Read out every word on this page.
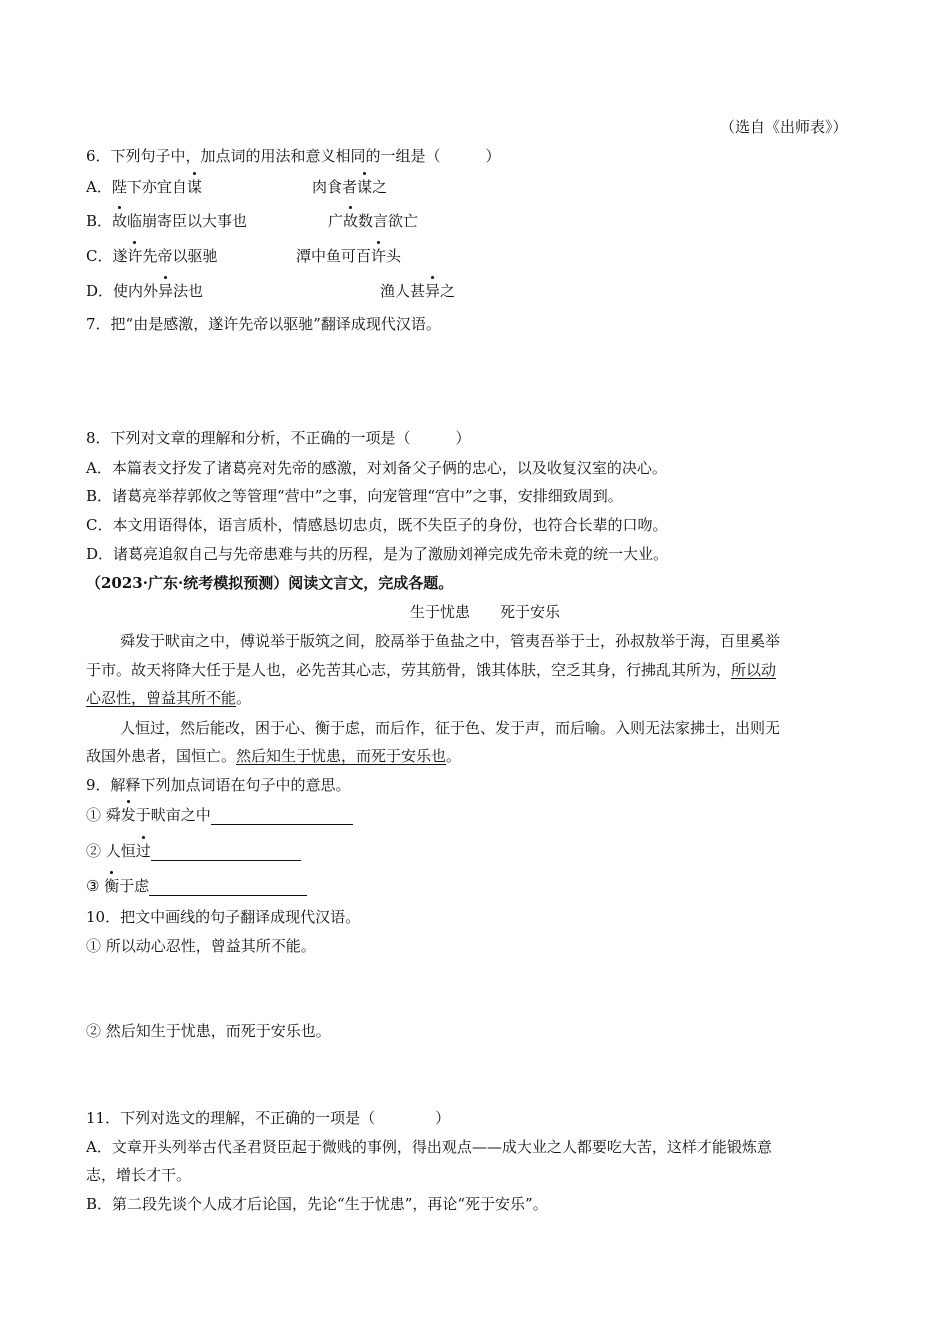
（选自《出师表》）
6．下列句子中，加点词的用法和意义相同的一组是（　　　）
A．陛下亦宜自谋	肉食者谋之
B．故临崩寄臣以大事也	广故数言欲亡
C．遂许先帝以驱驰	潭中鱼可百许头
D．使内外异法也	渔人甚异之
7．把“由是感激，遂许先帝以驱驰”翻译成现代汉语。
8．下列对文章的理解和分析，不正确的一项是（　　　）
A．本篇表文抒发了诸葛亮对先帝的感激，对刘备父子俩的忠心，以及收复汉室的决心。
B．诸葛亮举荐郭攸之等管理“营中”之事，向宠管理“宫中”之事，安排细致周到。
C．本文用语得体，语言质朴，情感恳切忠贞，既不失臣子的身份，也符合长辈的口吻。
D．诸葛亮追叙自己与先帝患难与共的历程，是为了激励刘禅完成先帝未竟的统一大业。
（2023·广东·统考模拟预测）阅读文言文，完成各题。
生于忧患　　死于安乐
舜发于畎亩之中，傅说举于版筑之间，胶鬲举于鱼盐之中，管夷吾举于士，孙叔敖举于海，百里奚举
于市。故天将降大任于是人也，必先苦其心志，劳其筋骨，饿其体肤，空乏其身，行拂乱其所为，所以动
心忍性，曾益其所不能。
人恒过，然后能改，困于心、衡于虑，而后作，征于色、发于声，而后喻。入则无法家拂士，出则无
敌国外患者，国恒亡。然后知生于忧患，而死于安乐也。
9．解释下列加点词语在句子中的意思。
① 舜发于畎亩之中
② 人恒过
③ 衡于虑
10．把文中画线的句子翻译成现代汉语。
① 所以动心忍性，曾益其所不能。
② 然后知生于忧患，而死于安乐也。
11．下列对选文的理解，不正确的一项是（　　　　）
A．文章开头列举古代圣君贤臣起于微贱的事例，得出观点——成大业之人都要吃大苦，这样才能锻炼意
志，增长才干。
B．第二段先谈个人成才后论国，先论“生于忧患”，再论“死于安乐”。
